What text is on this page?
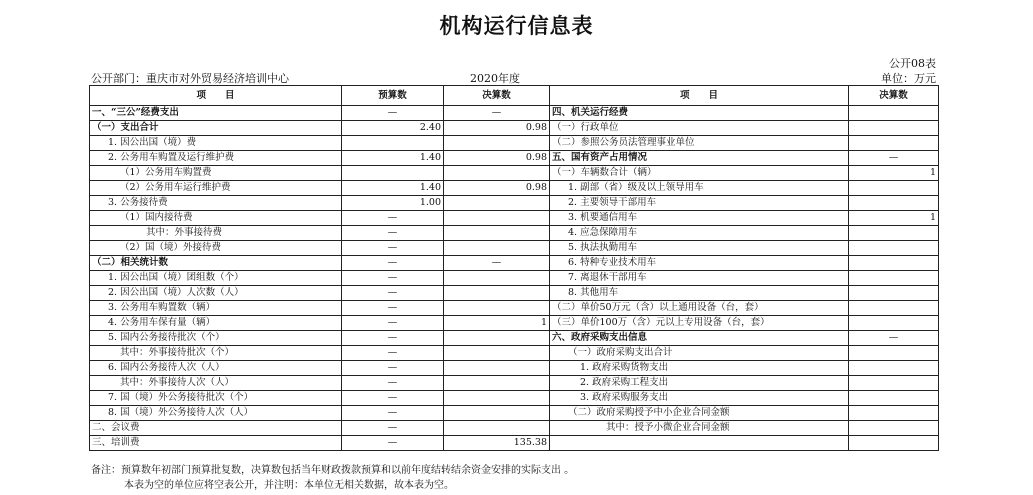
机构运行信息表
公开08表
公开部门：重庆市对外贸易经济培训中心	2020年度	单位：万元
项　　目	预算数	决算数	项　　目	决算数
一、“三公”经费支出	—	—	四、机关运行经费	
（一）支出合计	2.40	0.98	（一）行政单位	
1. 因公出国（境）费			（二）参照公务员法管理事业单位	
2. 公务用车购置及运行维护费	1.40	0.98	五、国有资产占用情况	—
（1）公务用车购置费			（一）车辆数合计（辆）	1
（2）公务用车运行维护费	1.40	0.98	1. 副部（省）级及以上领导用车	
3. 公务接待费	1.00		2. 主要领导干部用车	
（1）国内接待费	—		3. 机要通信用车	1
其中：外事接待费	—		4. 应急保障用车	
（2）国（境）外接待费	—		5. 执法执勤用车	
（二）相关统计数	—	—	6. 特种专业技术用车	
1. 因公出国（境）团组数（个）	—		7. 离退休干部用车	
2. 因公出国（境）人次数（人）	—		8. 其他用车	
3. 公务用车购置数（辆）	—		（二）单价50万元（含）以上通用设备（台，套）	
4. 公务用车保有量（辆）	—	1	（三）单价100万（含）元以上专用设备（台，套）	
5. 国内公务接待批次（个）	—		六、政府采购支出信息	—
其中：外事接待批次（个）	—		（一）政府采购支出合计	
6. 国内公务接待人次（人）	—		1. 政府采购货物支出	
其中：外事接待人次（人）	—		2. 政府采购工程支出	
7. 国（境）外公务接待批次（个）	—		3. 政府采购服务支出	
8. 国（境）外公务接待人次（人）	—		（二）政府采购授予中小企业合同金额	
二、会议费	—		其中：授予小微企业合同金额	
三、培训费	—	135.38		
备注：预算数年初部门预算批复数，决算数包括当年财政拨款预算和以前年度结转结余资金安排的实际支出 。
本表为空的单位应将空表公开，并注明：本单位无相关数据，故本表为空。
